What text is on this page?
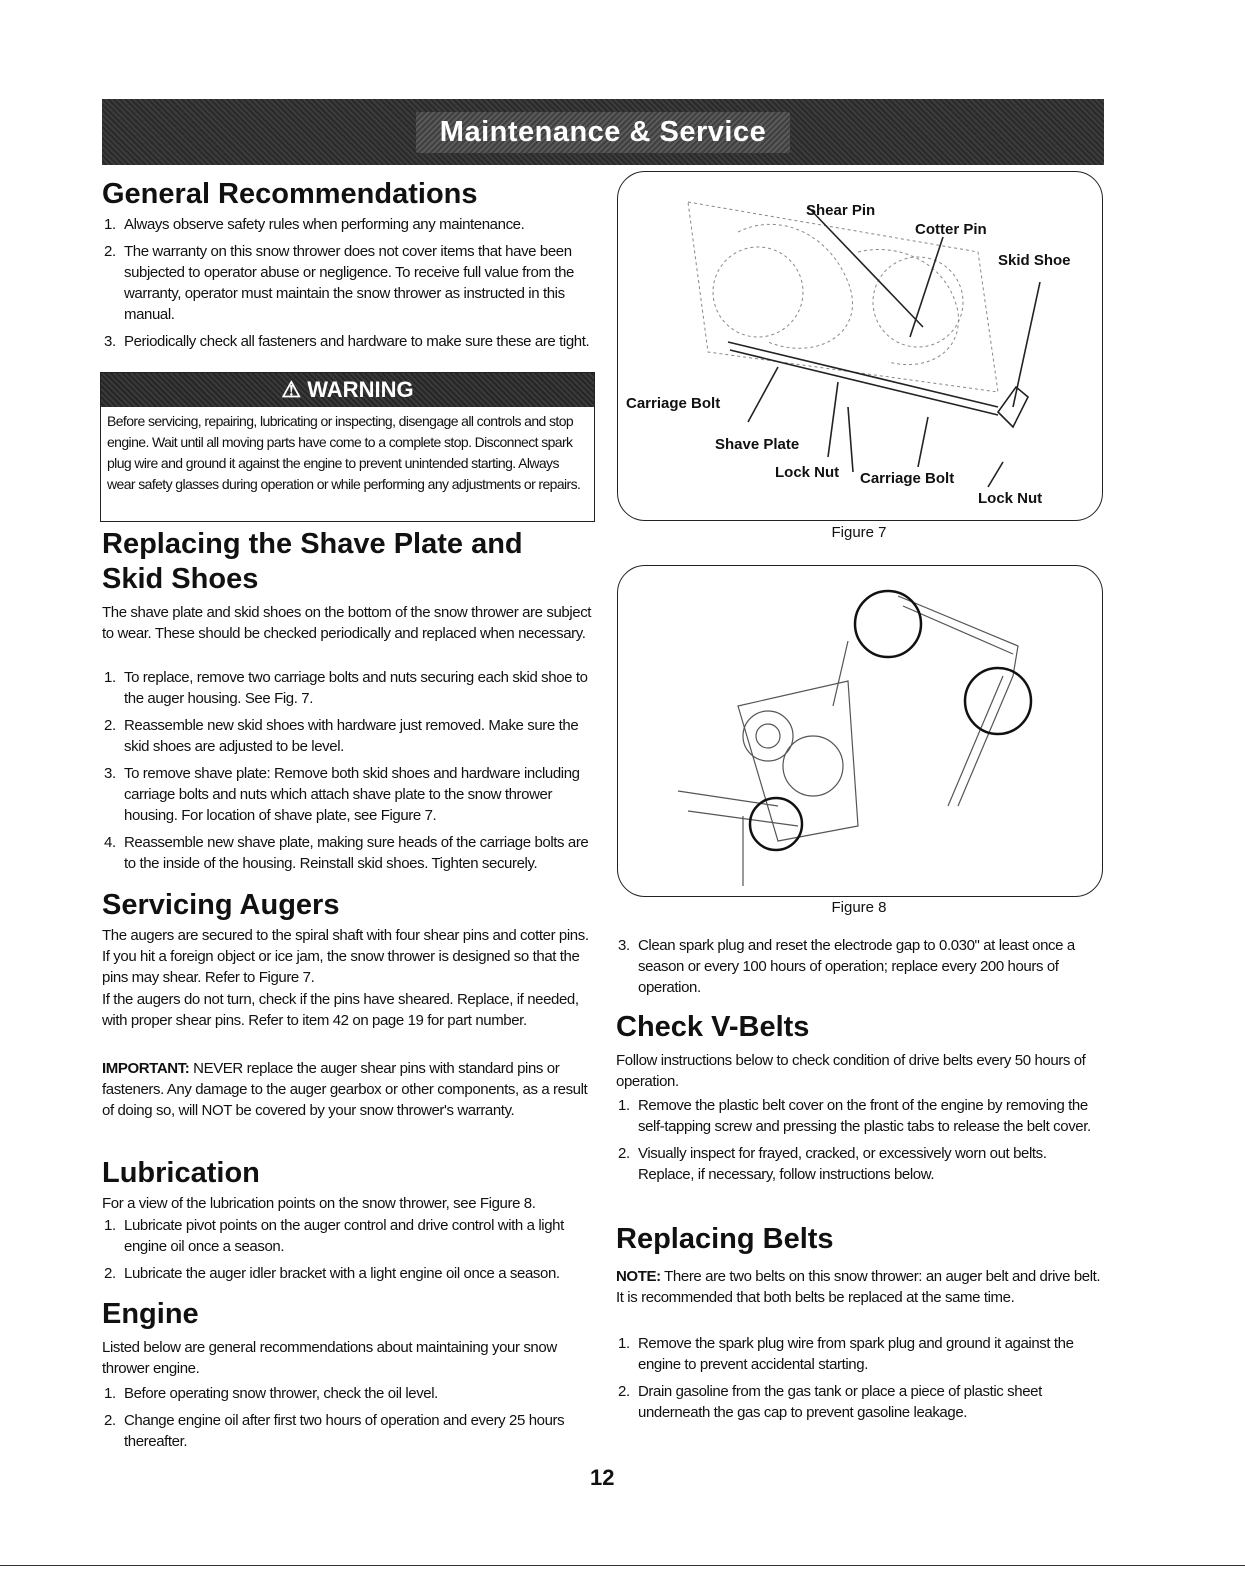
Maintenance & Service
General Recommendations
1. Always observe safety rules when performing any maintenance.
2. The warranty on this snow thrower does not cover items that have been subjected to operator abuse or negligence. To receive full value from the warranty, operator must maintain the snow thrower as instructed in this manual.
3. Periodically check all fasteners and hardware to make sure these are tight.
⚠ WARNING
Before servicing, repairing, lubricating or inspecting, disengage all controls and stop engine. Wait until all moving parts have come to a complete stop. Disconnect spark plug wire and ground it against the engine to prevent unintended starting. Always wear safety glasses during operation or while performing any adjustments or repairs.
Replacing the Shave Plate and
Skid Shoes

The shave plate and skid shoes on the bottom of the snow thrower are subject to wear. These should be checked periodically and replaced when necessary.

1. To replace, remove two carriage bolts and nuts securing each skid shoe to the auger housing. See Fig. 7.
2. Reassemble new skid shoes with hardware just removed. Make sure the skid shoes are adjusted to be level.
3. To remove shave plate: Remove both skid shoes and hardware including carriage bolts and nuts which attach shave plate to the snow thrower housing. For location of shave plate, see Figure 7.
4. Reassemble new shave plate, making sure heads of the carriage bolts are to the inside of the housing. Reinstall skid shoes. Tighten securely.
Servicing Augers

The augers are secured to the spiral shaft with four shear pins and cotter pins. If you hit a foreign object or ice jam, the snow thrower is designed so that the pins may shear. Refer to Figure 7.

If the augers do not turn, check if the pins have sheared. Replace, if needed, with proper shear pins. Refer to item 42 on page 19 for part number.

IMPORTANT: NEVER replace the auger shear pins with standard pins or fasteners. Any damage to the auger gearbox or other components, as a result of doing so, will NOT be covered by your snow thrower's warranty.

Lubrication

For a view of the lubrication points on the snow thrower, see Figure 8.

1. Lubricate pivot points on the auger control and drive control with a light engine oil once a season.
2. Lubricate the auger idler bracket with a light engine oil once a season.
Engine

Listed below are general recommendations about maintaining your snow thrower engine.

1. Before operating snow thrower, check the oil level.
2. Change engine oil after first two hours of operation and every 25 hours thereafter.
Shear Pin
Cotter Pin
Skid Shoe
Carriage Bolt
Shave Plate
Lock Nut Carriage Bolt
Lock Nut
Figure 7
Figure 8
3. Clean spark plug and reset the electrode gap to 0.030" at least once a season or every 100 hours of operation; replace every 200 hours of operation.
Check V-Belts

Follow instructions below to check condition of drive belts every 50 hours of operation.

1. Remove the plastic belt cover on the front of the engine by removing the self-tapping screw and pressing the plastic tabs to release the belt cover.
2. Visually inspect for frayed, cracked, or excessively worn out belts. Replace, if necessary, follow instructions below.
Replacing Belts

NOTE: There are two belts on this snow thrower: an auger belt and drive belt. It is recommended that both belts be replaced at the same time.

1. Remove the spark plug wire from spark plug and ground it against the engine to prevent accidental starting.
2. Drain gasoline from the gas tank or place a piece of plastic sheet underneath the gas cap to prevent gasoline leakage.
12
